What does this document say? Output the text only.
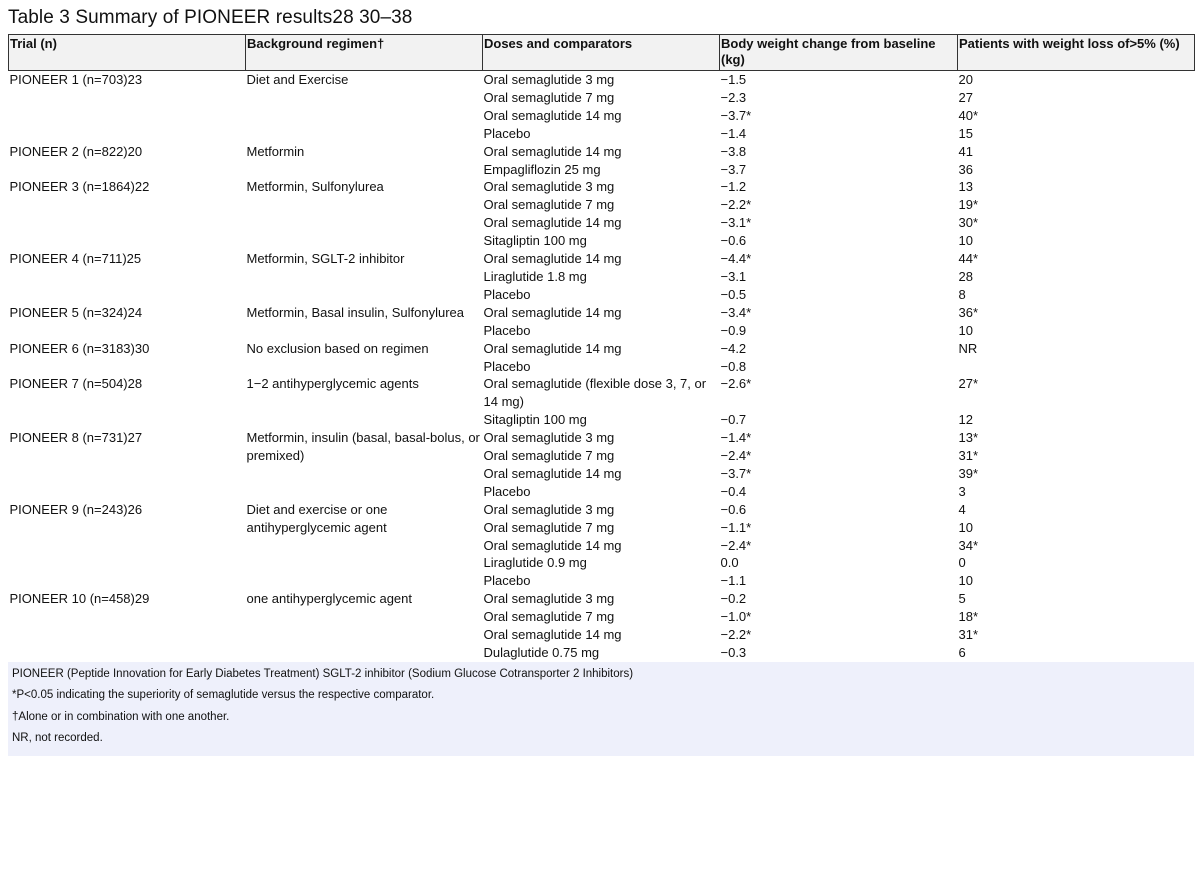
Table 3 Summary of PIONEER results28 30–38
Trial (n)	Background regimen†	Doses and comparators	Body weight change from baseline (kg)	Patients with weight loss of>5% (%)
PIONEER 1 (n=703)23	Diet and Exercise	Oral semaglutide 3 mg	−1.5	20
		Oral semaglutide 7 mg	−2.3	27
		Oral semaglutide 14 mg	−3.7*	40*
		Placebo	−1.4	15
PIONEER 2 (n=822)20	Metformin	Oral semaglutide 14 mg	−3.8	41
		Empagliflozin 25 mg	−3.7	36
PIONEER 3 (n=1864)22	Metformin, Sulfonylurea	Oral semaglutide 3 mg	−1.2	13
		Oral semaglutide 7 mg	−2.2*	19*
		Oral semaglutide 14 mg	−3.1*	30*
		Sitagliptin 100 mg	−0.6	10
PIONEER 4 (n=711)25	Metformin, SGLT-2 inhibitor	Oral semaglutide 14 mg	−4.4*	44*
		Liraglutide 1.8 mg	−3.1	28
		Placebo	−0.5	8
PIONEER 5 (n=324)24	Metformin, Basal insulin, Sulfonylurea	Oral semaglutide 14 mg	−3.4*	36*
		Placebo	−0.9	10
PIONEER 6 (n=3183)30	No exclusion based on regimen	Oral semaglutide 14 mg	−4.2	NR
		Placebo	−0.8	
PIONEER 7 (n=504)28	1−2 antihyperglycemic agents	Oral semaglutide (flexible dose 3, 7, or 14 mg)	−2.6*	27*
		Sitagliptin 100 mg	−0.7	12
PIONEER 8 (n=731)27	Metformin, insulin (basal, basal-bolus, or premixed)	Oral semaglutide 3 mg	−1.4*	13*
		Oral semaglutide 7 mg	−2.4*	31*
		Oral semaglutide 14 mg	−3.7*	39*
		Placebo	−0.4	3
PIONEER 9 (n=243)26	Diet and exercise or one antihyperglycemic agent	Oral semaglutide 3 mg	−0.6	4
		Oral semaglutide 7 mg	−1.1*	10
		Oral semaglutide 14 mg	−2.4*	34*
		Liraglutide 0.9 mg	0.0	0
		Placebo	−1.1	10
PIONEER 10 (n=458)29	one antihyperglycemic agent	Oral semaglutide 3 mg	−0.2	5
		Oral semaglutide 7 mg	−1.0*	18*
		Oral semaglutide 14 mg	−2.2*	31*
		Dulaglutide 0.75 mg	−0.3	6
PIONEER (Peptide Innovation for Early Diabetes Treatment) SGLT-2 inhibitor (Sodium Glucose Cotransporter 2 Inhibitors)
*P<0.05 indicating the superiority of semaglutide versus the respective comparator.
†Alone or in combination with one another.
NR, not recorded.
